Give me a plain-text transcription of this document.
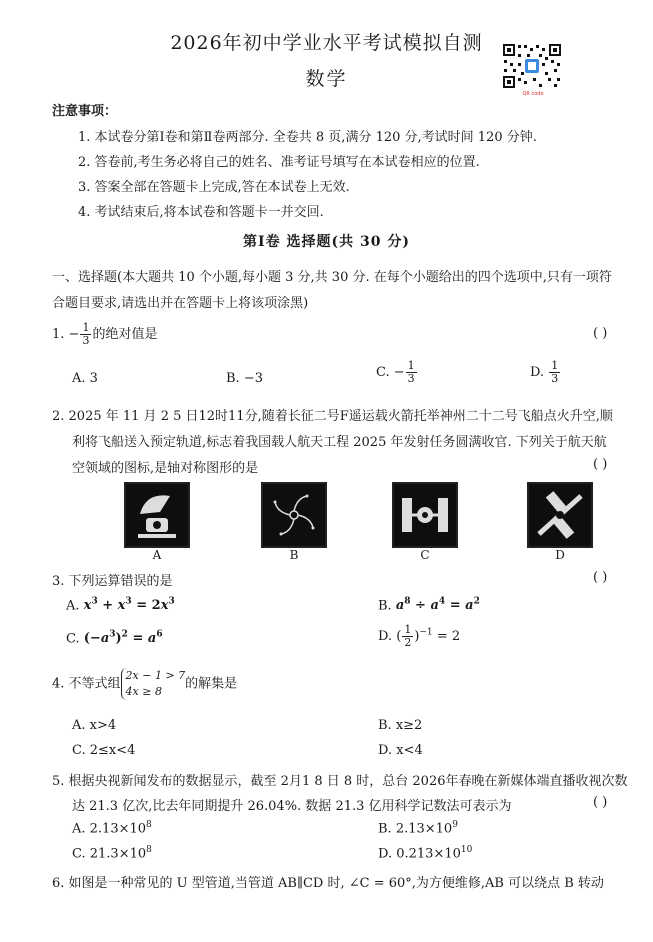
2026年初中学业水平考试模拟自测
数学
QR code
注意事项：
1. 本试卷分第Ⅰ卷和第Ⅱ卷两部分. 全卷共 8 页,满分 120 分,考试时间 120 分钟.
2. 答卷前,考生务必将自己的姓名、准考证号填写在本试卷相应的位置.
3. 答案全部在答题卡上完成,答在本试卷上无效.
4. 考试结束后,将本试卷和答题卡一并交回.
第Ⅰ卷 选择题(共 30 分)
一、选择题(本大题共 10 个小题,每小题 3 分,共 30 分. 在每个小题给出的四个选项中,只有一项符
合题目要求,请选出并在答题卡上将该项涂黑)
1. − $\frac{1}{3}$ 的绝对值是	( )
A. 3	B. −3	C. − $\frac{1}{3}$	D. $\frac{1}{3}$
2. 2025 年 11 月 2 5 日12时11分,随着长征二号F遥运载火箭托举神州二十二号飞船点火升空,顺
利将飞船送入预定轨道,标志着我国载人航天工程 2025 年发射任务圆满收官. 下列关于航天航
空领域的图标,是轴对称图形的是	( )
A	B	C	D
3. 下列运算错误的是	( )
A. $x^3 + x^3 = 2x^3$	B. $a^8 \div a^4 = a^2$
C. $(-a^3)^2 = a^6$	D. ( $\frac{1}{2} )^{-1} = 2$
4. 不等式组
2x − 1 > 7
4x ≥ 8	的解集是
A. x>4	B. x≥2
C. 2≤x<4	D. x<4
5. 根据央视新闻发布的数据显示，截至 2月1 8 日 8 时，总台 2026年春晚在新媒体端直播收视次数
达 21.3 亿次,比去年同期提升 26.04%. 数据 21.3 亿用科学记数法可表示为	( )
A. $2.13\times 10^8$	B. $2.13\times 10^9$
C. $21.3\times 10^8$	D. $0.213\times 10^{10}$
6. 如图是一种常见的 U 型管道,当管道 AB∥CD 时, ∠C = 60°,为方便维修,AB 可以绕点 B 转动
